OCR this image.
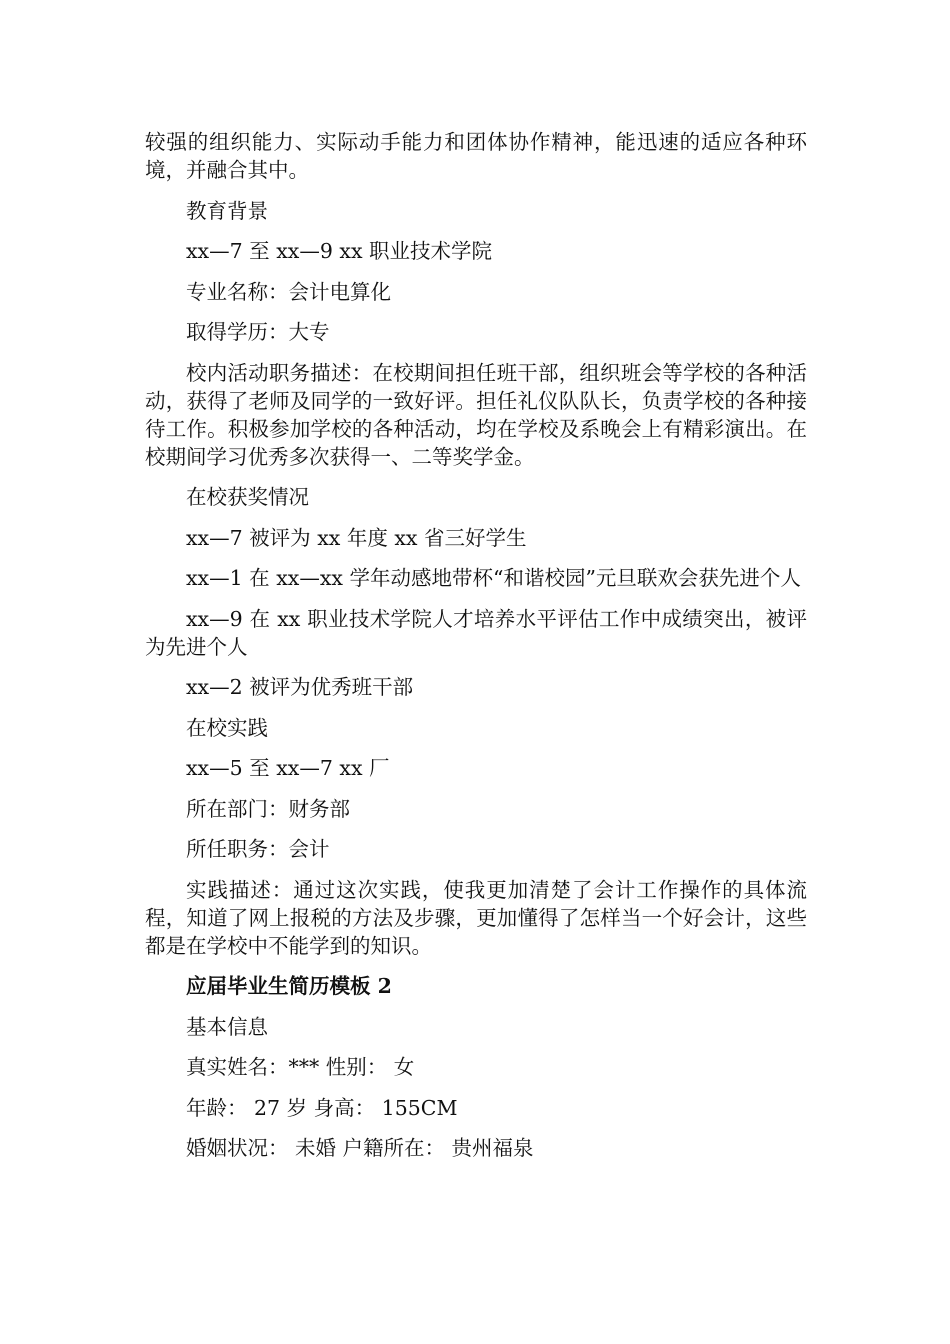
较强的组织能力、实际动手能力和团体协作精神，能迅速的适应各种环境，并融合其中。

教育背景

xx—7 至 xx—9 xx 职业技术学院

专业名称：会计电算化

取得学历：大专

校内活动职务描述：在校期间担任班干部，组织班会等学校的各种活动，获得了老师及同学的一致好评。担任礼仪队队长，负责学校的各种接待工作。积极参加学校的各种活动，均在学校及系晚会上有精彩演出。在校期间学习优秀多次获得一、二等奖学金。

在校获奖情况

xx—7 被评为 xx 年度 xx 省三好学生

xx—1 在 xx—xx 学年动感地带杯“和谐校园”元旦联欢会获先进个人

xx—9 在 xx 职业技术学院人才培养水平评估工作中成绩突出，被评为先进个人

xx—2 被评为优秀班干部

在校实践

xx—5 至 xx—7 xx 厂

所在部门：财务部

所任职务：会计

实践描述：通过这次实践，使我更加清楚了会计工作操作的具体流程，知道了网上报税的方法及步骤，更加懂得了怎样当一个好会计，这些都是在学校中不能学到的知识。

应届毕业生简历模板 2

基本信息

真实姓名：*** 性别： 女

年龄： 27 岁 身高： 155CM

婚姻状况： 未婚 户籍所在： 贵州福泉
